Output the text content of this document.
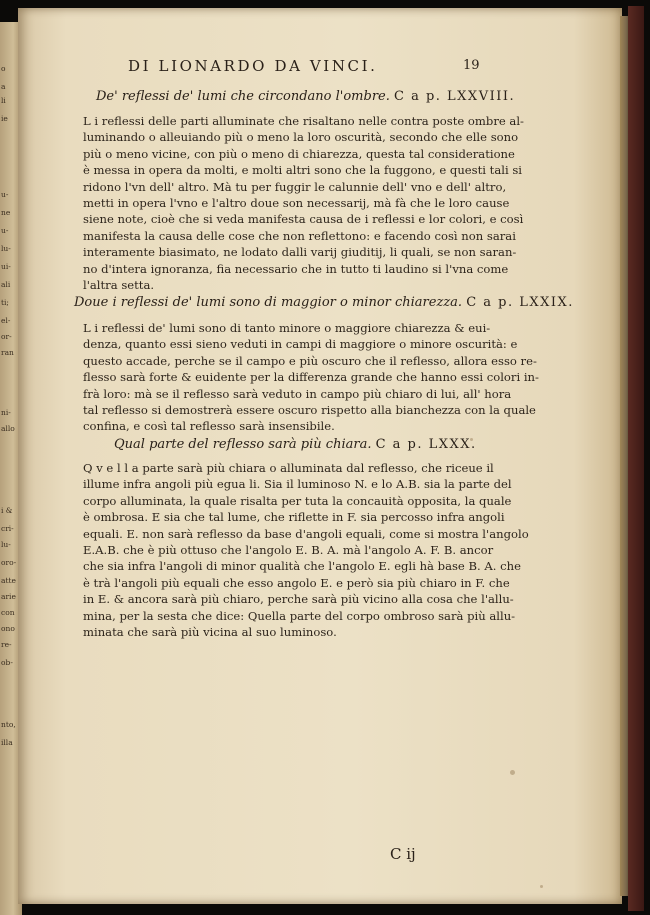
o
a
li
ie
u-
ne
u-
lu-
ui-
ali
ti;
el-
or-
ran
ni-
allo
i &
cri-
lu-
oro-
atte
arie
con
ono
re-
ob-
nto,
illa
DI LIONARDO DA VINCI.	19
De' reflessi de' lumi che circondano l'ombre. C a p. LXXVIII.
L i reflessi delle parti alluminate che risaltano nelle contra poste ombre al-
luminando o alleuiando più o meno la loro oscurità, secondo che elle sono
più o meno vicine, con più o meno di chiarezza, questa tal consideratione
è messa in opera da molti, e molti altri sono che la fuggono, e questi tali si
ridono l'vn dell' altro. Mà tu per fuggir le calunnie dell' vno e dell' altro,
metti in opera l'vno e l'altro doue son necessarij, mà fà che le loro cause
siene note, cioè che si veda manifesta causa de i reflessi e lor colori, e così
manifesta la causa delle cose che non reflettono: e facendo così non sarai
interamente biasimato, ne lodato dalli varij giuditij, li quali, se non saran-
no d'intera ignoranza, fia necessario che in tutto ti laudino si l'vna come
l'altra setta.
Doue i reflessi de' lumi sono di maggior o minor chiarezza. C a p. LXXIX.
L i reflessi de' lumi sono di tanto minore o maggiore chiarezza & eui-
denza, quanto essi sieno veduti in campi di maggiore o minore oscurità: e
questo accade, perche se il campo e più oscuro che il reflesso, allora esso re-
flesso sarà forte & euidente per la differenza grande che hanno essi colori in-
frà loro: mà se il reflesso sarà veduto in campo più chiaro di lui, all' hora
tal reflesso si demostrerà essere oscuro rispetto alla bianchezza con la quale
confina, e così tal reflesso sarà insensibile.
Qual parte del reflesso sarà più chiara. C a p. LXXX.
Q v e l l a parte sarà più chiara o alluminata dal reflesso, che riceue il
illume infra angoli più egua li. Sia il luminoso N. e lo A.B. sia la parte del
corpo alluminata, la quale risalta per tuta la concauità opposita, la quale
è ombrosa. E sia che tal lume, che riflette in F. sia percosso infra angoli
equali. E. non sarà reflesso da base d'angoli equali, come si mostra l'angolo
E.A.B. che è più ottuso che l'angolo E. B. A. mà l'angolo A. F. B. ancor
che sia infra l'angoli di minor qualità che l'angolo E. egli hà base B. A. che
è trà l'angoli più equali che esso angolo E. e però sia più chiaro in F. che
in E. & ancora sarà più chiaro, perche sarà più vicino alla cosa che l'allu-
mina, per la sesta che dice: Quella parte del corpo ombroso sarà più allu-
minata che sarà più vicina al suo luminoso.
C ij
